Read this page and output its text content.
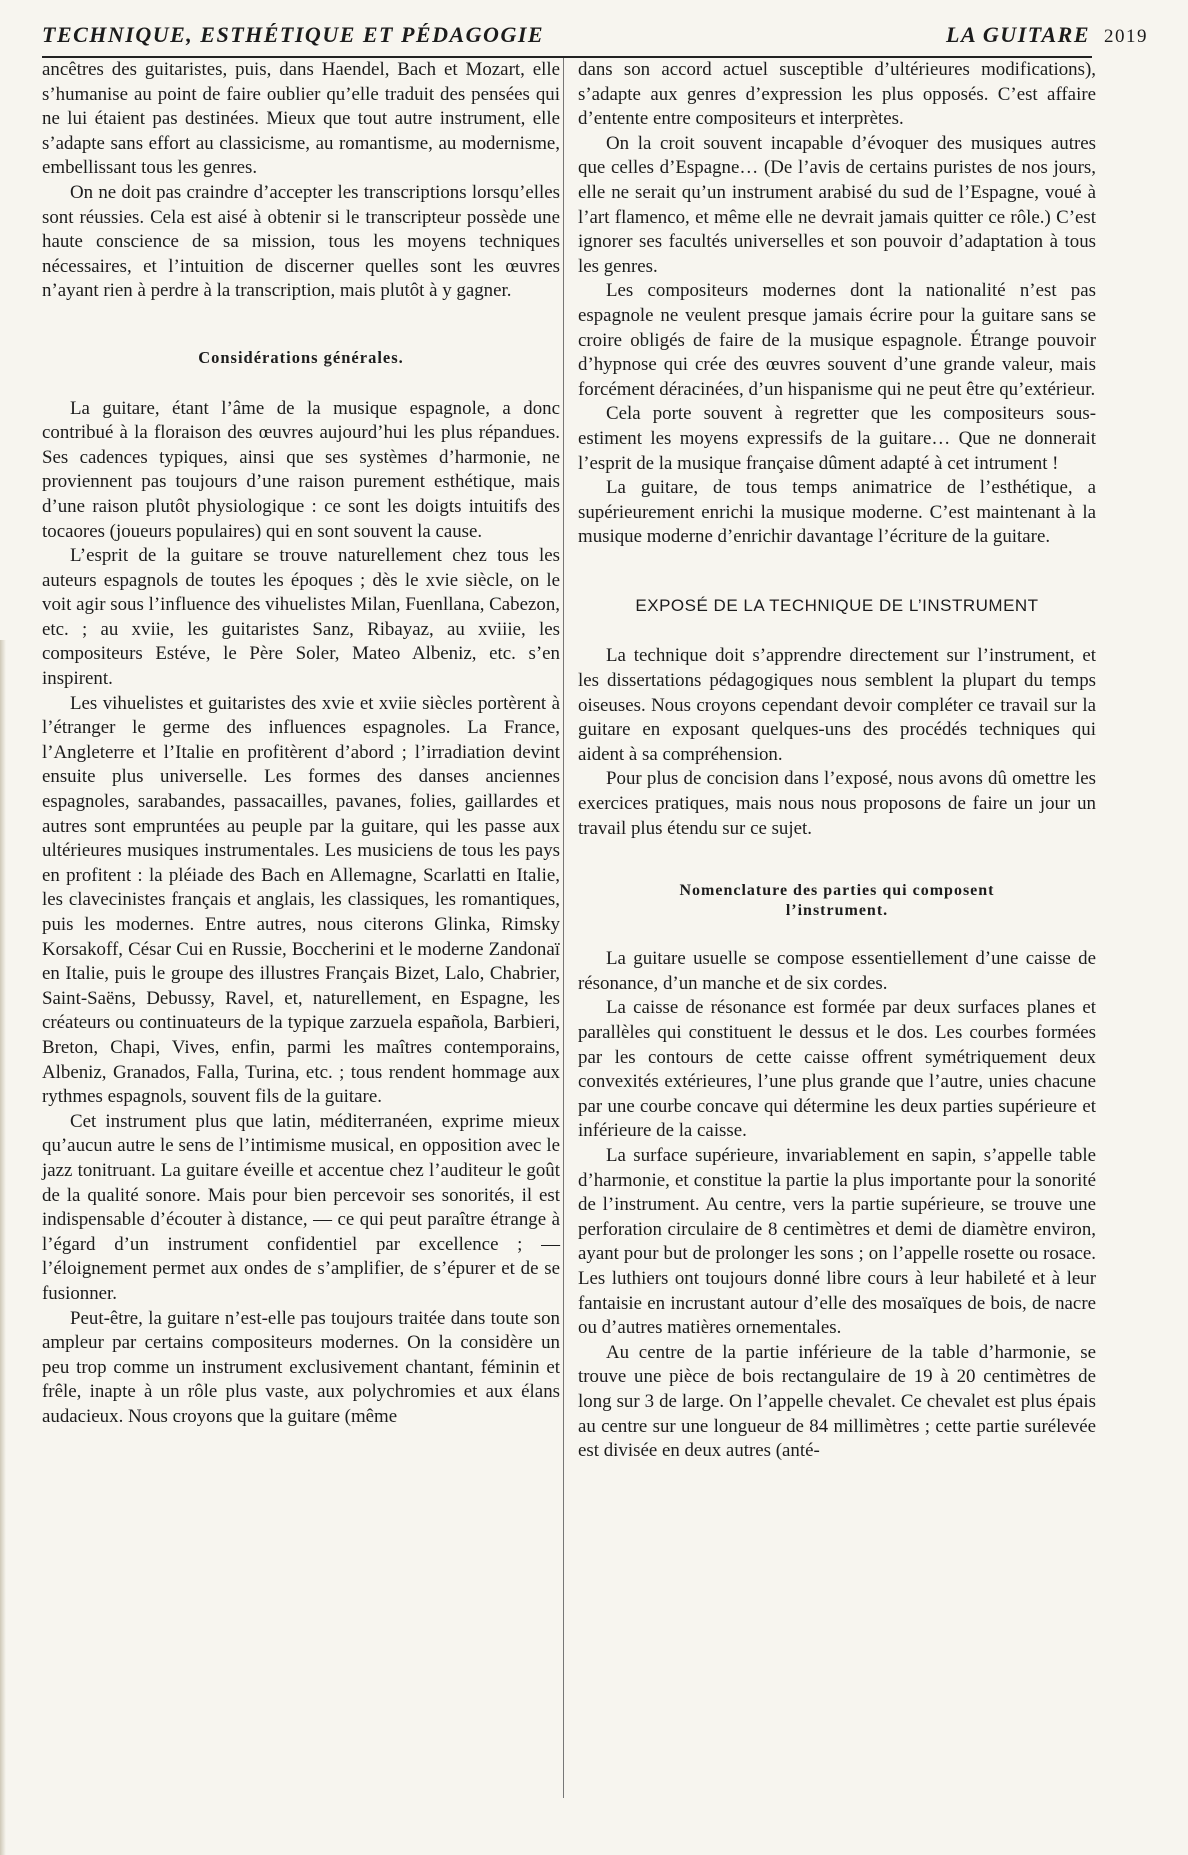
TECHNIQUE, ESTHÉTIQUE ET PÉDAGOGIE	LA GUITARE 2019

ancêtres des guitaristes, puis, dans Haendel, Bach et Mozart, elle s’humanise au point de faire oublier qu’elle traduit des pensées qui ne lui étaient pas destinées. Mieux que tout autre instrument, elle s’adapte sans effort au classicisme, au romantisme, au modernisme, embellissant tous les genres.

On ne doit pas craindre d’accepter les transcriptions lorsqu’elles sont réussies. Cela est aisé à obtenir si le transcripteur possède une haute conscience de sa mission, tous les moyens techniques nécessaires, et l’intuition de discerner quelles sont les œuvres n’ayant rien à perdre à la transcription, mais plutôt à y gagner.

Considérations générales.

La guitare, étant l’âme de la musique espagnole, a donc contribué à la floraison des œuvres aujourd’hui les plus répandues. Ses cadences typiques, ainsi que ses systèmes d’harmonie, ne proviennent pas toujours d’une raison purement esthétique, mais d’une raison plutôt physiologique : ce sont les doigts intuitifs des tocaores (joueurs populaires) qui en sont souvent la cause.

L’esprit de la guitare se trouve naturellement chez tous les auteurs espagnols de toutes les époques ; dès le xvie siècle, on le voit agir sous l’influence des vihuelistes Milan, Fuenllana, Cabezon, etc. ; au xviie, les guitaristes Sanz, Ribayaz, au xviiie, les compositeurs Estéve, le Père Soler, Mateo Albeniz, etc. s’en inspirent.

Les vihuelistes et guitaristes des xvie et xviie siècles portèrent à l’étranger le germe des influences espagnoles. La France, l’Angleterre et l’Italie en profitèrent d’abord ; l’irradiation devint ensuite plus universelle. Les formes des danses anciennes espagnoles, sarabandes, passacailles, pavanes, folies, gaillardes et autres sont empruntées au peuple par la guitare, qui les passe aux ultérieures musiques instrumentales. Les musiciens de tous les pays en profitent : la pléiade des Bach en Allemagne, Scarlatti en Italie, les clavecinistes français et anglais, les classiques, les romantiques, puis les modernes. Entre autres, nous citerons Glinka, Rimsky Korsakoff, César Cui en Russie, Boccherini et le moderne Zandonaï en Italie, puis le groupe des illustres Français Bizet, Lalo, Chabrier, Saint-Saëns, Debussy, Ravel, et, naturellement, en Espagne, les créateurs ou continuateurs de la typique zarzuela española, Barbieri, Breton, Chapi, Vives, enfin, parmi les maîtres contemporains, Albeniz, Granados, Falla, Turina, etc. ; tous rendent hommage aux rythmes espagnols, souvent fils de la guitare.

Cet instrument plus que latin, méditerranéen, exprime mieux qu’aucun autre le sens de l’intimisme musical, en opposition avec le jazz tonitruant. La guitare éveille et accentue chez l’auditeur le goût de la qualité sonore. Mais pour bien percevoir ses sonorités, il est indispensable d’écouter à distance, — ce qui peut paraître étrange à l’égard d’un instrument confidentiel par excellence ; — l’éloignement permet aux ondes de s’amplifier, de s’épurer et de se fusionner.

Peut-être, la guitare n’est-elle pas toujours traitée dans toute son ampleur par certains compositeurs modernes. On la considère un peu trop comme un instrument exclusivement chantant, féminin et frêle, inapte à un rôle plus vaste, aux polychromies et aux élans audacieux. Nous croyons que la guitare (même

dans son accord actuel susceptible d’ultérieures modifications), s’adapte aux genres d’expression les plus opposés. C’est affaire d’entente entre compositeurs et interprètes.

On la croit souvent incapable d’évoquer des musiques autres que celles d’Espagne… (De l’avis de certains puristes de nos jours, elle ne serait qu’un instrument arabisé du sud de l’Espagne, voué à l’art flamenco, et même elle ne devrait jamais quitter ce rôle.) C’est ignorer ses facultés universelles et son pouvoir d’adaptation à tous les genres.

Les compositeurs modernes dont la nationalité n’est pas espagnole ne veulent presque jamais écrire pour la guitare sans se croire obligés de faire de la musique espagnole. Étrange pouvoir d’hypnose qui crée des œuvres souvent d’une grande valeur, mais forcément déracinées, d’un hispanisme qui ne peut être qu’extérieur.

Cela porte souvent à regretter que les compositeurs sous-estiment les moyens expressifs de la guitare… Que ne donnerait l’esprit de la musique française dûment adapté à cet intrument !

La guitare, de tous temps animatrice de l’esthétique, a supérieurement enrichi la musique moderne. C’est maintenant à la musique moderne d’enrichir davantage l’écriture de la guitare.

EXPOSÉ DE LA TECHNIQUE DE L’INSTRUMENT

La technique doit s’apprendre directement sur l’instrument, et les dissertations pédagogiques nous semblent la plupart du temps oiseuses. Nous croyons cependant devoir compléter ce travail sur la guitare en exposant quelques-uns des procédés techniques qui aident à sa compréhension.

Pour plus de concision dans l’exposé, nous avons dû omettre les exercices pratiques, mais nous nous proposons de faire un jour un travail plus étendu sur ce sujet.

Nomenclature des parties qui composent
l’instrument.

La guitare usuelle se compose essentiellement d’une caisse de résonance, d’un manche et de six cordes.

La caisse de résonance est formée par deux surfaces planes et parallèles qui constituent le dessus et le dos. Les courbes formées par les contours de cette caisse offrent symétriquement deux convexités extérieures, l’une plus grande que l’autre, unies chacune par une courbe concave qui détermine les deux parties supérieure et inférieure de la caisse.

La surface supérieure, invariablement en sapin, s’appelle table d’harmonie, et constitue la partie la plus importante pour la sonorité de l’instrument. Au centre, vers la partie supérieure, se trouve une perforation circulaire de 8 centimètres et demi de diamètre environ, ayant pour but de prolonger les sons ; on l’appelle rosette ou rosace. Les luthiers ont toujours donné libre cours à leur habileté et à leur fantaisie en incrustant autour d’elle des mosaïques de bois, de nacre ou d’autres matières ornementales.

Au centre de la partie inférieure de la table d’harmonie, se trouve une pièce de bois rectangulaire de 19 à 20 centimètres de long sur 3 de large. On l’appelle chevalet. Ce chevalet est plus épais au centre sur une longueur de 84 millimètres ; cette partie surélevée est divisée en deux autres (anté-
